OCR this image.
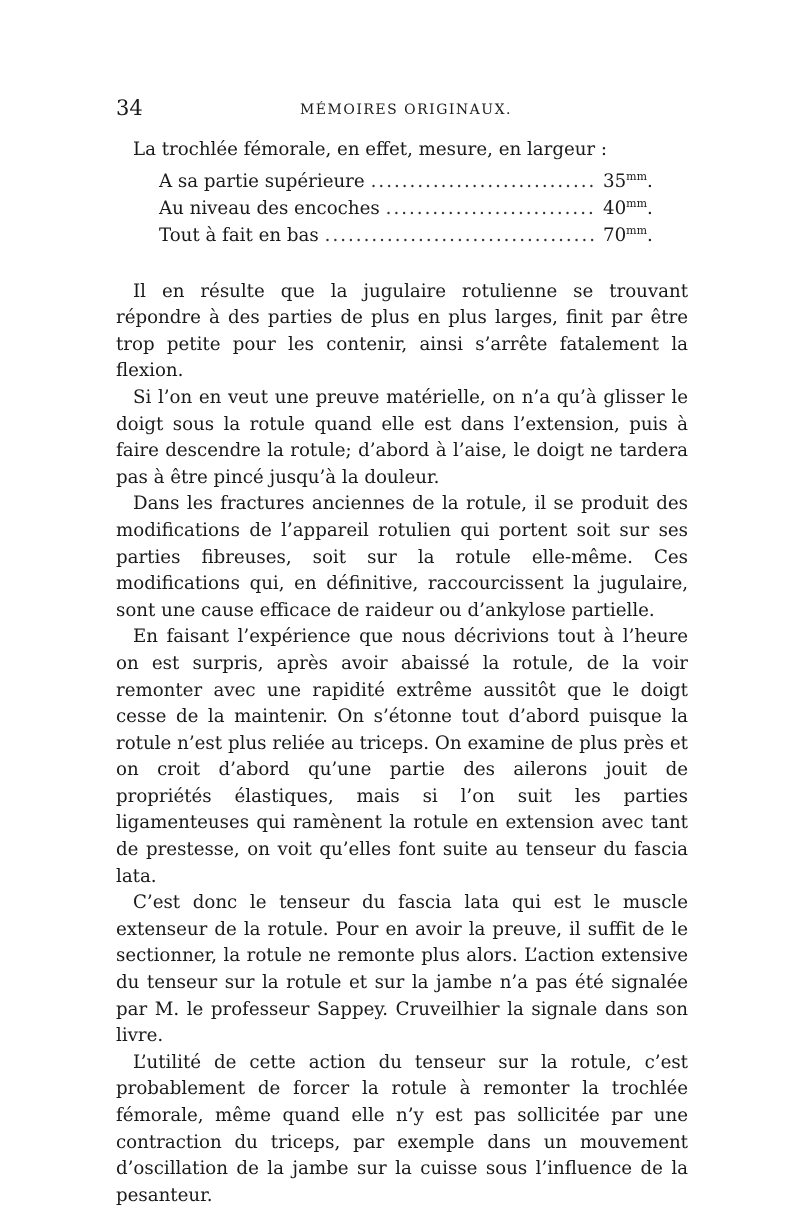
34	MÉMOIRES ORIGINAUX.

La trochlée fémorale, en effet, mesure, en largeur :

A sa partie supérieure .....	$35^{mm}$.
Au niveau des encoches .....	$40^{mm}$.
Tout à fait en bas .....	$70^{mm}$.

Il en résulte que la jugulaire rotulienne se trouvant répondre à des parties de plus en plus larges, finit par être trop petite pour les contenir, ainsi s’arrête fatalement la flexion.

Si l’on en veut une preuve matérielle, on n’a qu’à glisser le doigt sous la rotule quand elle est dans l’extension, puis à faire descendre la rotule; d’abord à l’aise, le doigt ne tardera pas à être pincé jusqu’à la douleur.

Dans les fractures anciennes de la rotule, il se produit des modifications de l’appareil rotulien qui portent soit sur ses parties fibreuses, soit sur la rotule elle-même. Ces modifications qui, en définitive, raccourcissent la jugulaire, sont une cause efficace de raideur ou d’ankylose partielle.

En faisant l’expérience que nous décrivions tout à l’heure on est surpris, après avoir abaissé la rotule, de la voir remonter avec une rapidité extrême aussitôt que le doigt cesse de la maintenir. On s’étonne tout d’abord puisque la rotule n’est plus reliée au triceps. On examine de plus près et on croit d’abord qu’une partie des ailerons jouit de propriétés élastiques, mais si l’on suit les parties ligamenteuses qui ramènent la rotule en extension avec tant de prestesse, on voit qu’elles font suite au tenseur du fascia lata.

C’est donc le tenseur du fascia lata qui est le muscle extenseur de la rotule. Pour en avoir la preuve, il suffit de le sectionner, la rotule ne remonte plus alors. L’action extensive du tenseur sur la rotule et sur la jambe n’a pas été signalée par M. le professeur Sappey. Cruveilhier la signale dans son livre.

L’utilité de cette action du tenseur sur la rotule, c’est probablement de forcer la rotule à remonter la trochlée fémorale, même quand elle n’y est pas sollicitée par une contraction du triceps, par exemple dans un mouvement d’oscillation de la jambe sur la cuisse sous l’influence de la pesanteur.
